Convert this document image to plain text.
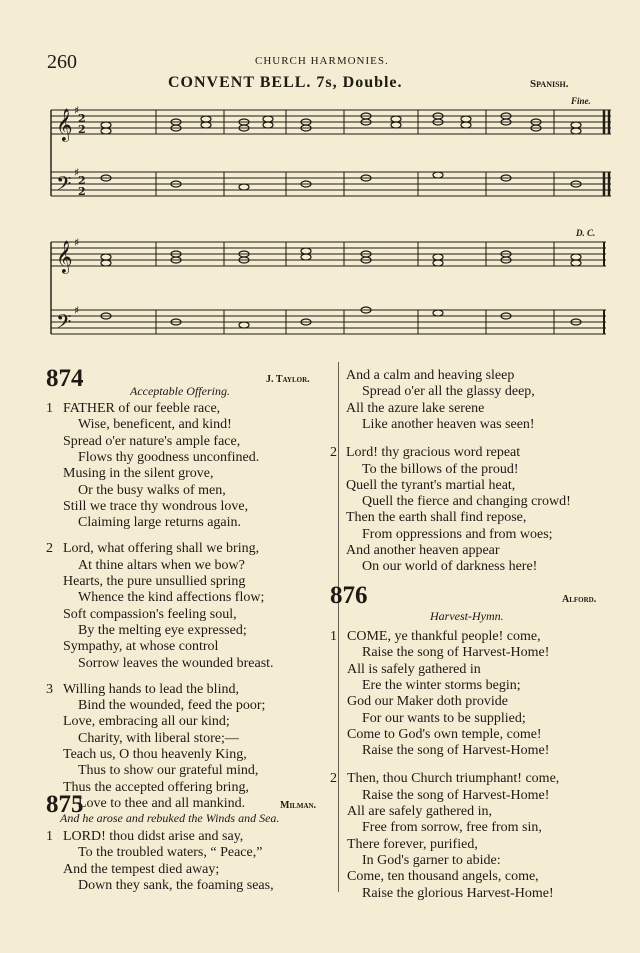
260	CHURCH HARMONIES.
CONVENT BELL. 7s, Double.	Spanish.
𝄞
𝄢
𝄞
𝄢
2
2
2
2
♯
♯
♯
♯
Fine.
D. C.
874	J. Taylor.
Acceptable Offering.
1 FATHER of our feeble race,
Wise, beneficent, and kind!
Spread o'er nature's ample face,
Flows thy goodness unconfined.
Musing in the silent grove,
Or the busy walks of men,
Still we trace thy wondrous love,
Claiming large returns again.
2 Lord, what offering shall we bring,
At thine altars when we bow?
Hearts, the pure unsullied spring
Whence the kind affections flow;
Soft compassion's feeling soul,
By the melting eye expressed;
Sympathy, at whose control
Sorrow leaves the wounded breast.
3 Willing hands to lead the blind,
Bind the wounded, feed the poor;
Love, embracing all our kind;
Charity, with liberal store;—
Teach us, O thou heavenly King,
Thus to show our grateful mind,
Thus the accepted offering bring,
Love to thee and all mankind.
875	Milman.
And he arose and rebuked the Winds and Sea.
1 LORD! thou didst arise and say,
To the troubled waters, “ Peace,”
And the tempest died away;
Down they sank, the foaming seas,
And a calm and heaving sleep
Spread o'er all the glassy deep,
All the azure lake serene
Like another heaven was seen!
2 Lord! thy gracious word repeat
To the billows of the proud!
Quell the tyrant's martial heat,
Quell the fierce and changing crowd!
Then the earth shall find repose,
From oppressions and from woes;
And another heaven appear
On our world of darkness here!
876	Alford.
Harvest-Hymn.
1 COME, ye thankful people! come,
Raise the song of Harvest-Home!
All is safely gathered in
Ere the winter storms begin;
God our Maker doth provide
For our wants to be supplied;
Come to God's own temple, come!
Raise the song of Harvest-Home!
2 Then, thou Church triumphant! come,
Raise the song of Harvest-Home!
All are safely gathered in,
Free from sorrow, free from sin,
There forever, purified,
In God's garner to abide:
Come, ten thousand angels, come,
Raise the glorious Harvest-Home!
